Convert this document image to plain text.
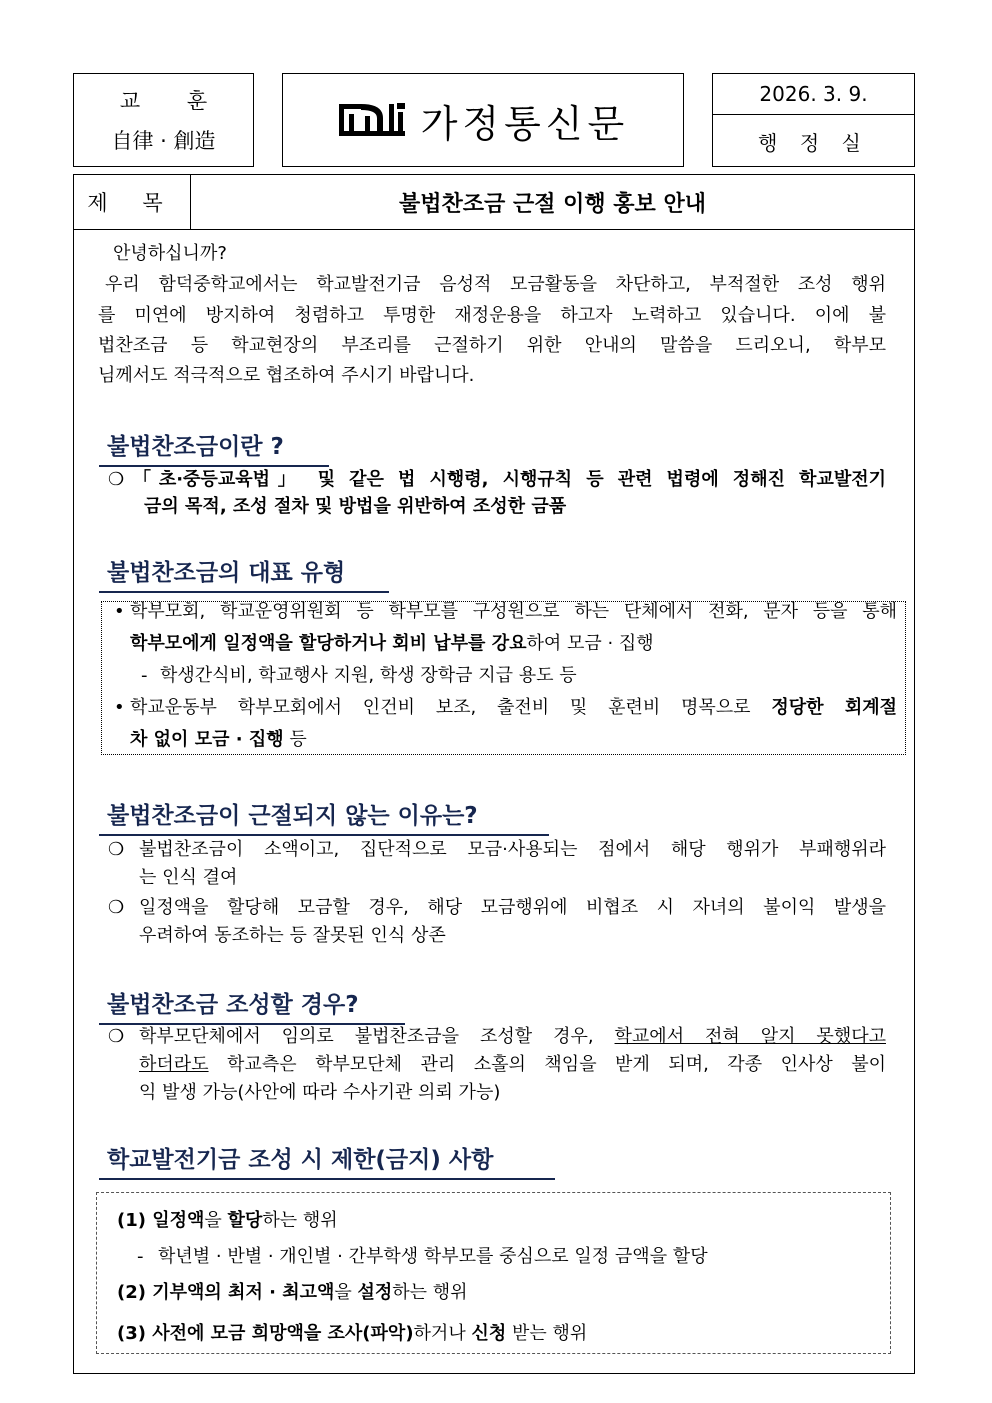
교 훈
自律 · 創造	가정통신문
2026. 3. 9.
행 정 실
제 목	불법찬조금 근절 이행 홍보 안내
안녕하십니까?
우리 함덕중학교에서는 학교발전기금 음성적 모금활동을 차단하고, 부적절한 조성 행위
를 미연에 방지하여 청렴하고 투명한 재정운용을 하고자 노력하고 있습니다. 이에 불
법찬조금 등 학교현장의 부조리를 근절하기 위한 안내의 말씀을 드리오니, 학부모
님께서도 적극적으로 협조하여 주시기 바랍니다.
불법찬조금이란 ?
❍ 「초·중등교육법」 및 같은 법 시행령, 시행규칙 등 관련 법령에 정해진 학교발전기
금의 목적, 조성 절차 및 방법을 위반하여 조성한 금품
불법찬조금의 대표 유형
• 학부모회, 학교운영위원회 등 학부모를 구성원으로 하는 단체에서 전화, 문자 등을 통해
학부모에게 일정액을 할당하거나 회비 납부를 강요하여 모금 · 집행
- 학생간식비, 학교행사 지원, 학생 장학금 지급 용도 등
• 학교운동부 학부모회에서 인건비 보조, 출전비 및 훈련비 명목으로 정당한 회계절
차 없이 모금 · 집행 등
불법찬조금이 근절되지 않는 이유는?
❍ 불법찬조금이 소액이고, 집단적으로 모금·사용되는 점에서 해당 행위가 부패행위라
는 인식 결여
❍ 일정액을 할당해 모금할 경우, 해당 모금행위에 비협조 시 자녀의 불이익 발생을
우려하여 동조하는 등 잘못된 인식 상존
불법찬조금 조성할 경우?
❍ 학부모단체에서 임의로 불법찬조금을 조성할 경우, 학교에서 전혀 알지 못했다고
하더라도 학교측은 학부모단체 관리 소홀의 책임을 받게 되며, 각종 인사상 불이
익 발생 가능(사안에 따라 수사기관 의뢰 가능)
학교발전기금 조성 시 제한(금지) 사항
(1) 일정액을 할당하는 행위
- 학년별 · 반별 · 개인별 · 간부학생 학부모를 중심으로 일정 금액을 할당
(2) 기부액의 최저 · 최고액을 설정하는 행위
(3) 사전에 모금 희망액을 조사(파악)하거나 신청 받는 행위
